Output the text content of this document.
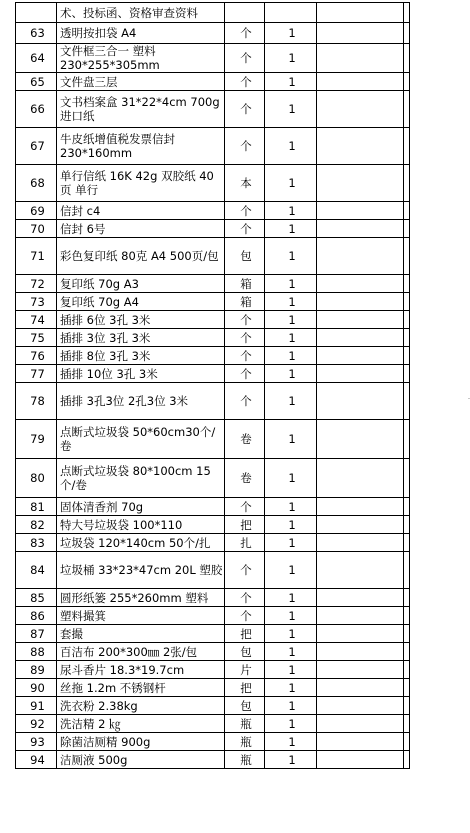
	术、投标函、资格审查资料				
63	透明按扣袋 A4	个	1		
64	文件框三合一 塑料 230*255*305mm	个	1		
65	文件盘三层	个	1		
66	文书档案盒 31*22*4cm 700g进口纸	个	1		
67	牛皮纸增值税发票信封 230*160mm	个	1		
68	单行信纸 16K 42g 双胶纸 40页 单行	本	1		
69	信封 c4	个	1		
70	信封 6号	个	1		
71	彩色复印纸 80克 A4 500页/包	包	1		
72	复印纸 70g A3	箱	1		
73	复印纸 70g A4	箱	1		
74	插排 6位 3孔 3米	个	1		
75	插排 3位 3孔 3米	个	1		
76	插排 8位 3孔 3米	个	1		
77	插排 10位 3孔 3米	个	1		
78	插排 3孔3位 2孔3位 3米	个	1		
79	点断式垃圾袋 50*60cm30个/卷	卷	1		
80	点断式垃圾袋 80*100cm 15个/卷	卷	1		
81	固体清香剂 70g	个	1		
82	特大号垃圾袋 100*110	把	1		
83	垃圾袋 120*140cm 50个/扎	扎	1		
84	垃圾桶 33*23*47cm 20L 塑胶	个	1		
85	圆形纸篓 255*260mm 塑料	个	1		
86	塑料撮箕	个	1		
87	套撮	把	1		
88	百洁布 200*300㎜ 2张/包	包	1		
89	尿斗香片 18.3*19.7cm	片	1		
90	丝拖 1.2m 不锈钢杆	把	1		
91	洗衣粉 2.38kg	包	1		
92	洗洁精 2 ㎏	瓶	1		
93	除菌洁厕精 900g	瓶	1		
94	洁厕液 500g	瓶	1		
